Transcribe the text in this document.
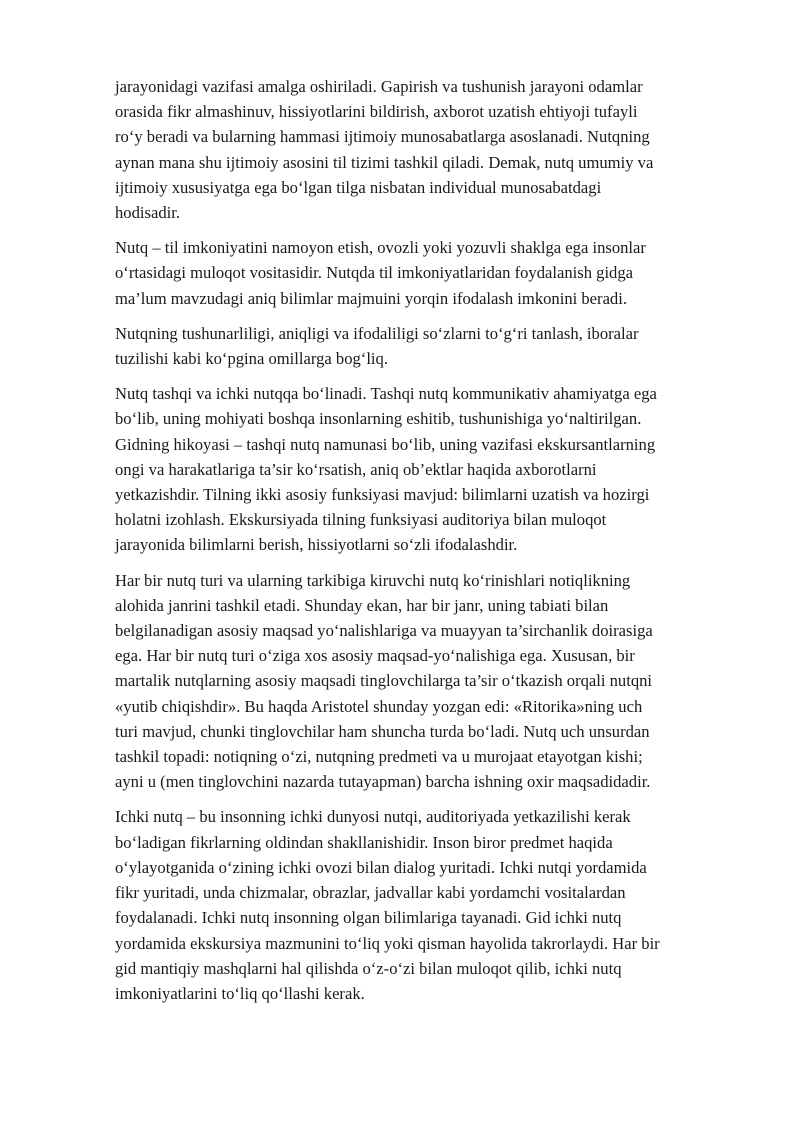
jarayonidagi vazifasi amalga oshiriladi. Gapirish va tushunish jarayoni odamlar
orasida fikr almashinuv, hissiyotlarini bildirish, axborot uzatish ehtiyoji tufayli
ro‘y beradi va bularning hammasi ijtimoiy munosabatlarga asoslanadi. Nutqning
aynan mana shu ijtimoiy asosini til tizimi tashkil qiladi. Demak, nutq umumiy va
ijtimoiy xususiyatga ega bo‘lgan tilga nisbatan individual munosabatdagi
hodisadir.

Nutq – til imkoniyatini namoyon etish, ovozli yoki yozuvli shaklga ega insonlar
o‘rtasidagi muloqot vositasidir. Nutqda til imkoniyatlaridan foydalanish gidga
ma’lum mavzudagi aniq bilimlar majmuini yorqin ifodalash imkonini beradi.

Nutqning tushunarliligi, aniqligi va ifodaliligi so‘zlarni to‘g‘ri tanlash, iboralar
tuzilishi kabi ko‘pgina omillarga bog‘liq.

Nutq tashqi va ichki nutqqa bo‘linadi. Tashqi nutq kommunikativ ahamiyatga ega
bo‘lib, uning mohiyati boshqa insonlarning eshitib, tushunishiga yo‘naltirilgan.
Gidning hikoyasi – tashqi nutq namunasi bo‘lib, uning vazifasi ekskursantlarning
ongi va harakatlariga ta’sir ko‘rsatish, aniq ob’ektlar haqida axborotlarni
yetkazishdir. Tilning ikki asosiy funksiyasi mavjud: bilimlarni uzatish va hozirgi
holatni izohlash. Ekskursiyada tilning funksiyasi auditoriya bilan muloqot
jarayonida bilimlarni berish, hissiyotlarni so‘zli ifodalashdir.

Har bir nutq turi va ularning tarkibiga kiruvchi nutq ko‘rinishlari notiqlikning
alohida janrini tashkil etadi. Shunday ekan, har bir janr, uning tabiati bilan
belgilanadigan asosiy maqsad yo‘nalishlariga va muayyan ta’sirchanlik doirasiga
ega. Har bir nutq turi o‘ziga xos asosiy maqsad-yo‘nalishiga ega. Xususan, bir
martalik nutqlarning asosiy maqsadi tinglovchilarga ta’sir o‘tkazish orqali nutqni
«yutib chiqishdir». Bu haqda Aristotel shunday yozgan edi: «Ritorika»ning uch
turi mavjud, chunki tinglovchilar ham shuncha turda bo‘ladi. Nutq uch unsurdan
tashkil topadi: notiqning o‘zi, nutqning predmeti va u murojaat etayotgan kishi;
ayni u (men tinglovchini nazarda tutayapman) barcha ishning oxir maqsadidadir.

Ichki nutq – bu insonning ichki dunyosi nutqi, auditoriyada yetkazilishi kerak
bo‘ladigan fikrlarning oldindan shakllanishidir. Inson biror predmet haqida
o‘ylayotganida o‘zining ichki ovozi bilan dialog yuritadi. Ichki nutqi yordamida
fikr yuritadi, unda chizmalar, obrazlar, jadvallar kabi yordamchi vositalardan
foydalanadi. Ichki nutq insonning olgan bilimlariga tayanadi. Gid ichki nutq
yordamida ekskursiya mazmunini to‘liq yoki qisman hayolida takrorlaydi. Har bir
gid mantiqiy mashqlarni hal qilishda o‘z-o‘zi bilan muloqot qilib, ichki nutq
imkoniyatlarini to‘liq qo‘llashi kerak.
